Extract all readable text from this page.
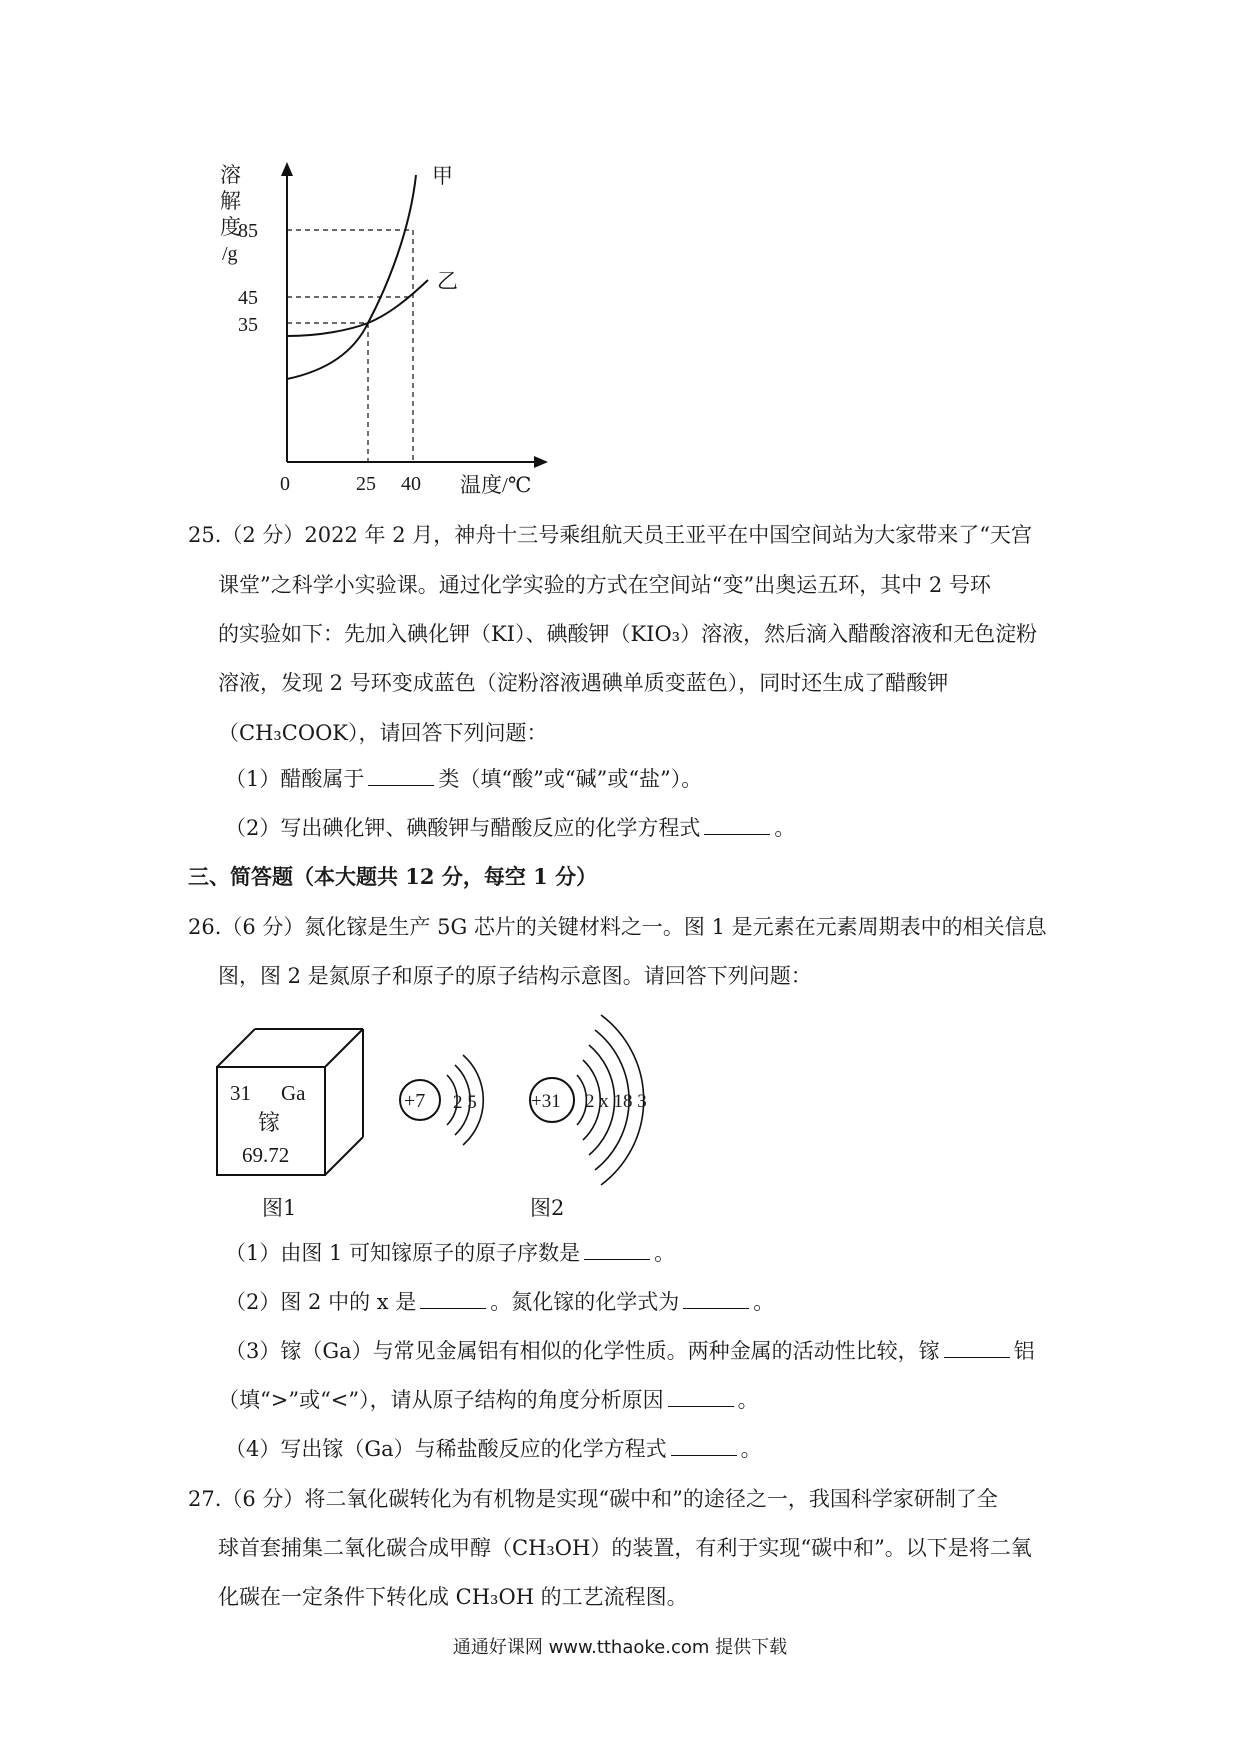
溶
解
度
/g
甲
乙
85
45
35
0	25 40 温度/℃
25.（2 分）2022 年 2 月，神舟十三号乘组航天员王亚平在中国空间站为大家带来了“天宫
课堂”之科学小实验课。通过化学实验的方式在空间站“变”出奥运五环，其中 2 号环
的实验如下：先加入碘化钾（KI）、碘酸钾（KIO₃）溶液，然后滴入醋酸溶液和无色淀粉
溶液，发现 2 号环变成蓝色（淀粉溶液遇碘单质变蓝色），同时还生成了醋酸钾
（CH₃COOK），请回答下列问题：
（1）醋酸属于	类（填“酸”或“碱”或“盐”）。
（2）写出碘化钾、碘酸钾与醋酸反应的化学方程式	。
三、简答题（本大题共 12 分，每空 1 分）
26.（6 分）氮化镓是生产 5G 芯片的关键材料之一。图 1 是元素在元素周期表中的相关信息
图，图 2 是氮原子和原子的原子结构示意图。请回答下列问题：
31 Ga
镓
69.72
+7 2 5	+31 2 x 18 3
图1	图2
（1）由图 1 可知镓原子的原子序数是	。
（2）图 2 中的 x 是	。氮化镓的化学式为	。
（3）镓（Ga）与常见金属铝有相似的化学性质。两种金属的活动性比较，镓	铝
（填“>”或“<”），请从原子结构的角度分析原因	。
（4）写出镓（Ga）与稀盐酸反应的化学方程式	。
27.（6 分）将二氧化碳转化为有机物是实现“碳中和”的途径之一，我国科学家研制了全
球首套捕集二氧化碳合成甲醇（CH₃OH）的装置，有利于实现“碳中和”。以下是将二氧
化碳在一定条件下转化成 CH₃OH 的工艺流程图。
通通好课网 www.tthaoke.com 提供下载
